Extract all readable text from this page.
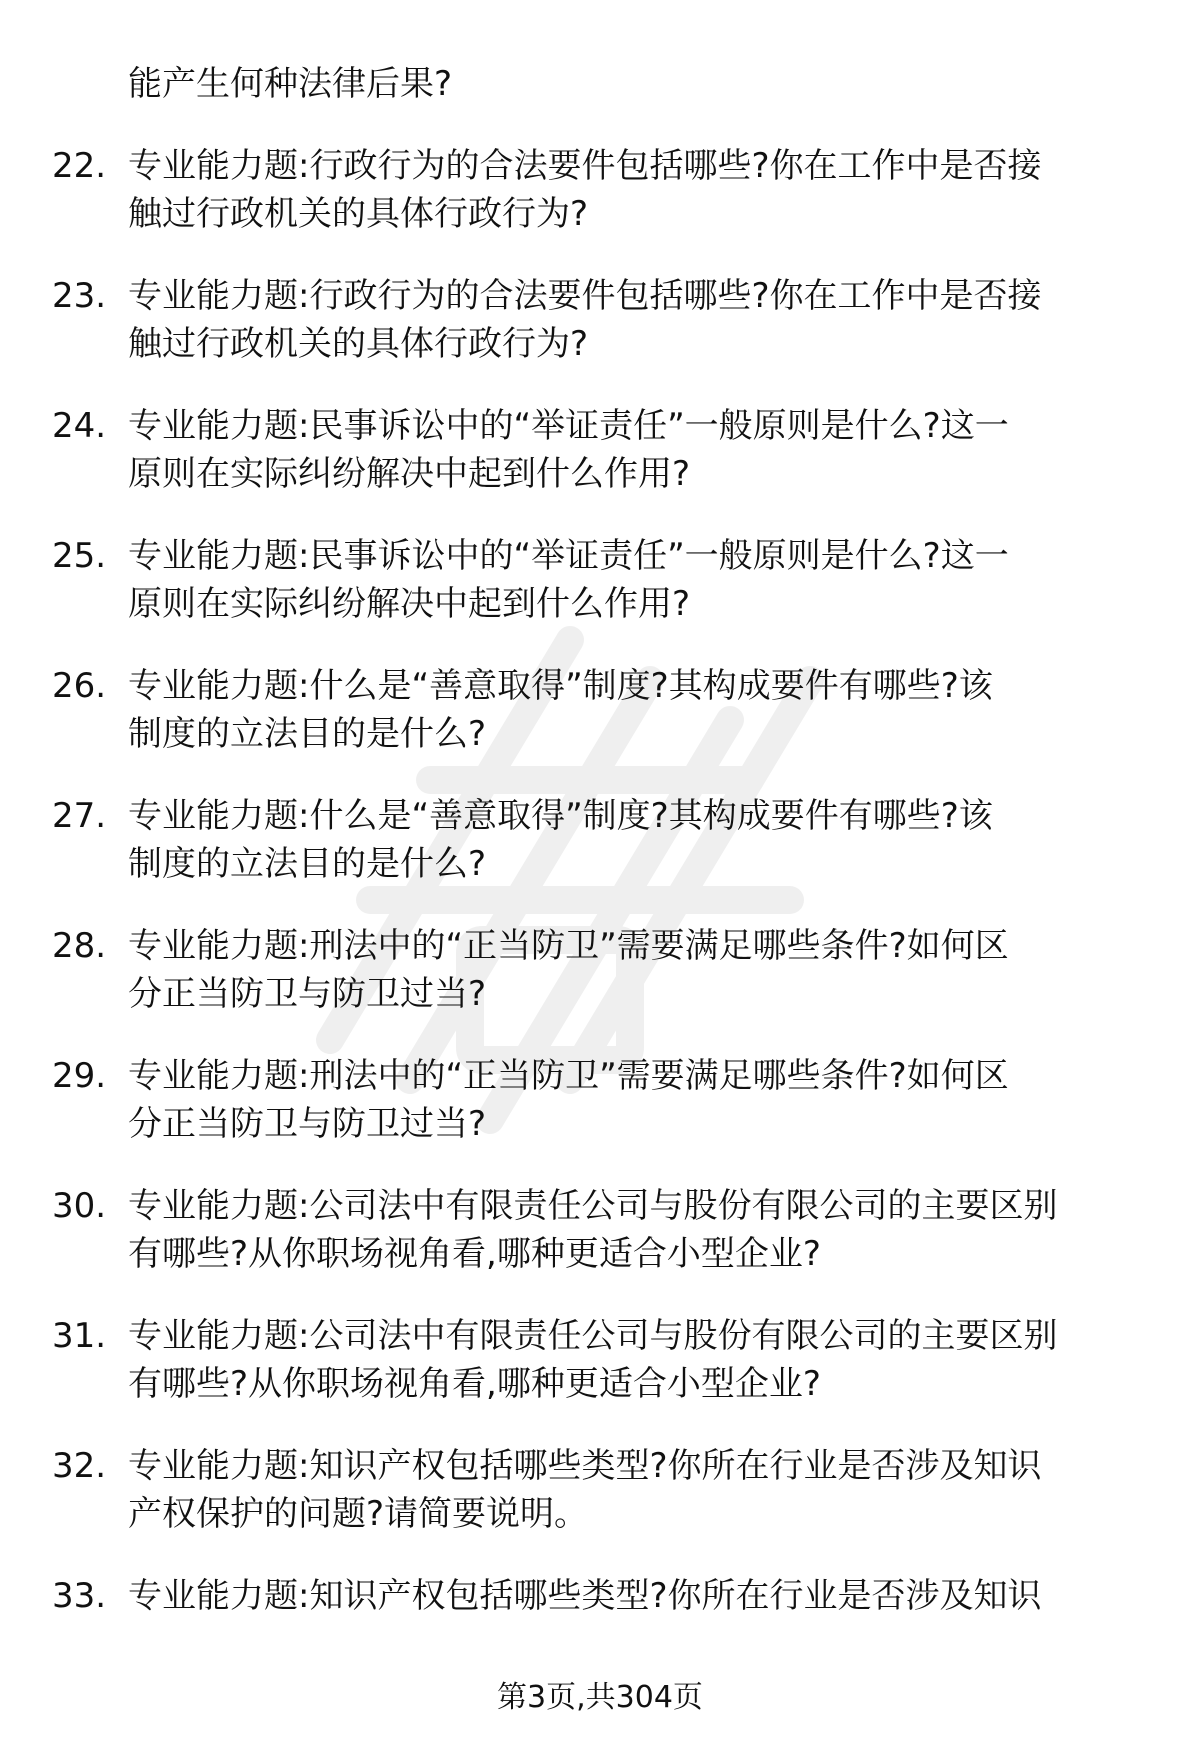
能产生何种法律后果?
22. 专业能力题:行政行为的合法要件包括哪些?你在工作中是否接
触过行政机关的具体行政行为?
23. 专业能力题:行政行为的合法要件包括哪些?你在工作中是否接
触过行政机关的具体行政行为?
24. 专业能力题:民事诉讼中的“举证责任”一般原则是什么?这一
原则在实际纠纷解决中起到什么作用?
25. 专业能力题:民事诉讼中的“举证责任”一般原则是什么?这一
原则在实际纠纷解决中起到什么作用?
26. 专业能力题:什么是“善意取得”制度?其构成要件有哪些?该
制度的立法目的是什么?
27. 专业能力题:什么是“善意取得”制度?其构成要件有哪些?该
制度的立法目的是什么?
28. 专业能力题:刑法中的“正当防卫”需要满足哪些条件?如何区
分正当防卫与防卫过当?
29. 专业能力题:刑法中的“正当防卫”需要满足哪些条件?如何区
分正当防卫与防卫过当?
30. 专业能力题:公司法中有限责任公司与股份有限公司的主要区别
有哪些?从你职场视角看,哪种更适合小型企业?
31. 专业能力题:公司法中有限责任公司与股份有限公司的主要区别
有哪些?从你职场视角看,哪种更适合小型企业?
32. 专业能力题:知识产权包括哪些类型?你所在行业是否涉及知识
产权保护的问题?请简要说明。
33. 专业能力题:知识产权包括哪些类型?你所在行业是否涉及知识
第3页,共304页
